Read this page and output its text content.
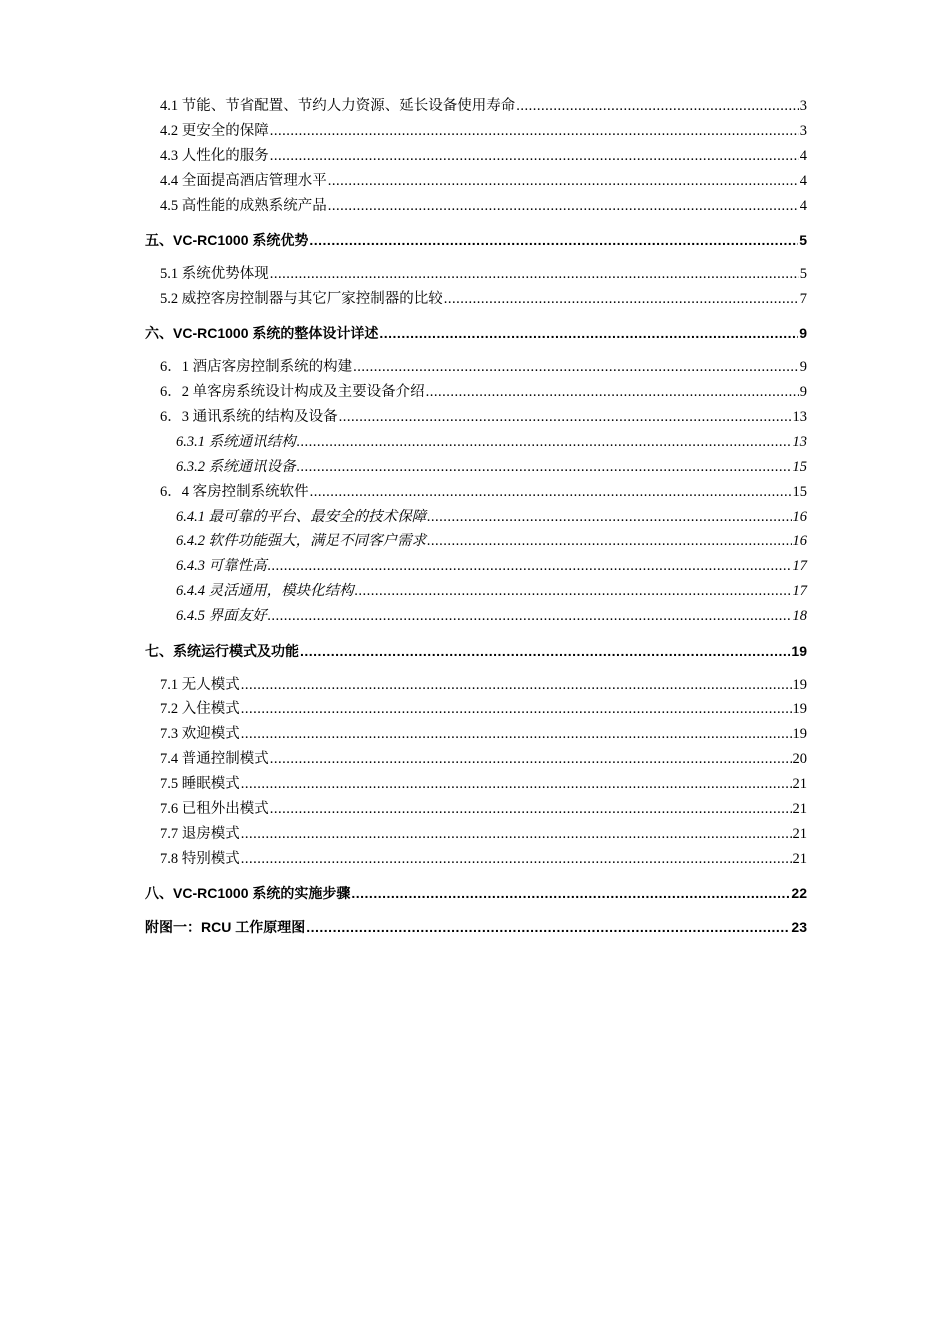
4.1 节能、节省配置、节约人力资源、延长设备使用寿命 .....	3
4.2 更安全的保障 .....	3
4.3 人性化的服务 .....	4
4.4 全面提高酒店管理水平 .....	4
4.5 高性能的成熟系统产品 .....	4
五、VC-RC1000 系统优势 .....	5
5.1 系统优势体现 .....	5
5.2 威控客房控制器与其它厂家控制器的比较 .....	7
六、VC-RC1000 系统的整体设计详述 .....	9
6．1 酒店客房控制系统的构建 .....	9
6．2 单客房系统设计构成及主要设备介绍 .....	9
6．3 通讯系统的结构及设备 .....	13
6.3.1 系统通讯结构 .....	13
6.3.2 系统通讯设备 .....	15
6．4 客房控制系统软件 .....	15
6.4.1 最可靠的平台、最安全的技术保障 .....	16
6.4.2 软件功能强大，满足不同客户需求 .....	16
6.4.3 可靠性高 .....	17
6.4.4 灵活通用，模块化结构 .....	17
6.4.5 界面友好 .....	18
七、系统运行模式及功能 .....	19
7.1 无人模式 .....	19
7.2 入住模式 .....	19
7.3 欢迎模式 .....	19
7.4 普通控制模式 .....	20
7.5 睡眠模式 .....	21
7.6 已租外出模式 .....	21
7.7 退房模式 .....	21
7.8 特别模式 .....	21
八、VC-RC1000 系统的实施步骤 .....	22
附图一：RCU 工作原理图 .....	23
